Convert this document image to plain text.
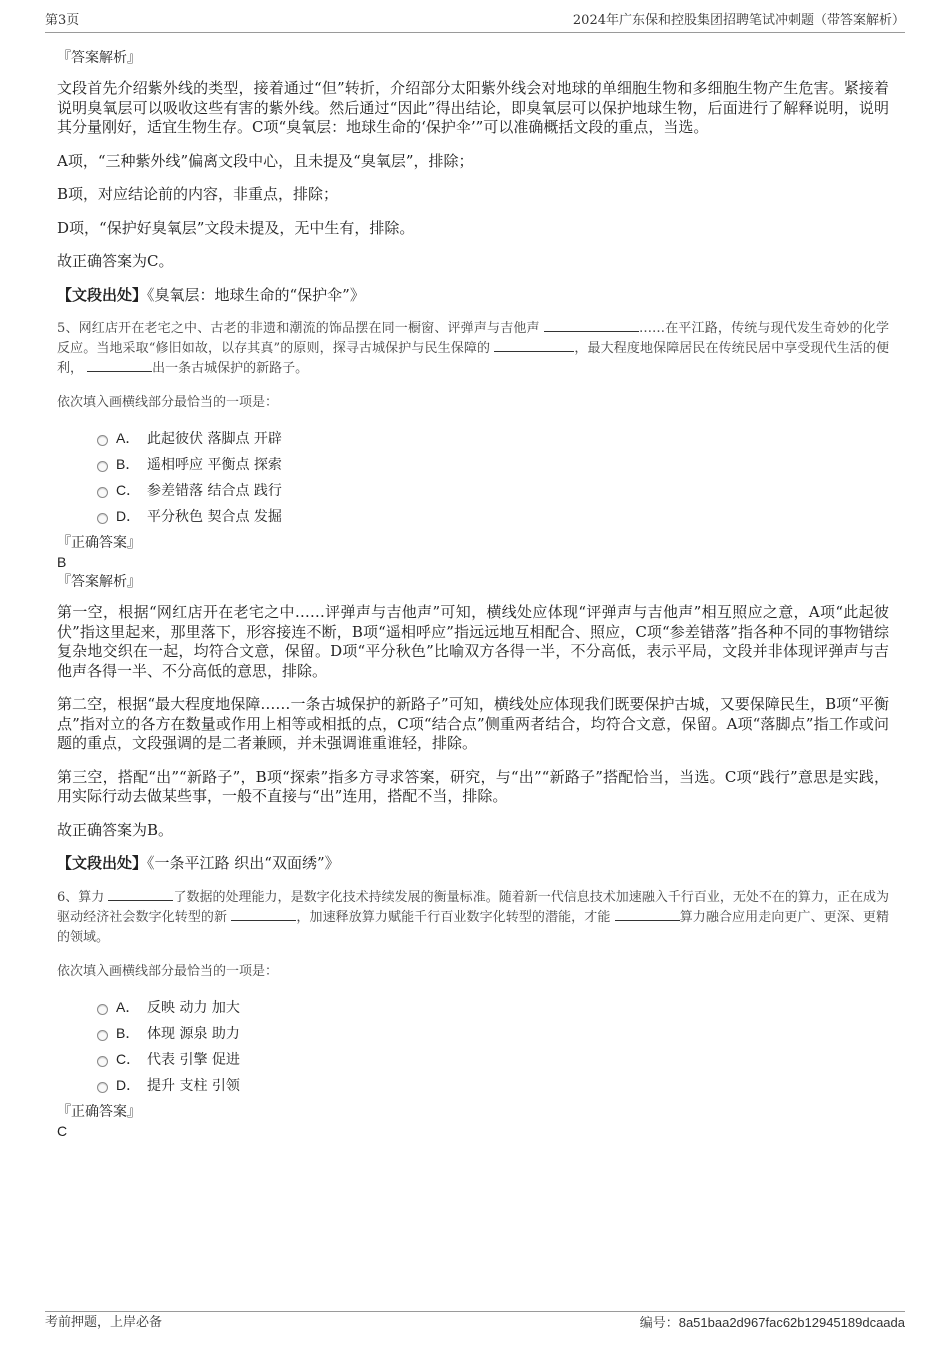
第3页	2024年广东保和控股集团招聘笔试冲刺题（带答案解析）

『答案解析』

文段首先介绍紫外线的类型，接着通过“但”转折，介绍部分太阳紫外线会对地球的单细胞生物和多细胞生物产生危害。紧接着说明臭氧层可以吸收这些有害的紫外线。然后通过“因此”得出结论，即臭氧层可以保护地球生物，后面进行了解释说明，说明其分量刚好，适宜生物生存。C项“臭氧层：地球生命的‘保护伞’”可以准确概括文段的重点，当选。

A项，“三种紫外线”偏离文段中心，且未提及“臭氧层”，排除；

B项，对应结论前的内容，非重点，排除；

D项，“保护好臭氧层”文段未提及，无中生有，排除。

故正确答案为C。

【文段出处】《臭氧层：地球生命的“保护伞”》

5、网红店开在老宅之中、古老的非遗和潮流的饰品摆在同一橱窗、评弹声与吉他声	……在平江路，传统与现代发生奇妙的化学反应。当地采取“修旧如故，以存其真”的原则，探寻古城保护与民生保障的	，最大程度地保障居民在传统民居中享受现代生活的便利，	出一条古城保护的新路子。

依次填入画横线部分最恰当的一项是：

A． 此起彼伏 落脚点 开辟
B． 遥相呼应 平衡点 探索
C． 参差错落 结合点 践行
D． 平分秋色 契合点 发掘

『正确答案』

B

『答案解析』

第一空，根据“网红店开在老宅之中……评弹声与吉他声”可知，横线处应体现“评弹声与吉他声”相互照应之意，A项“此起彼伏”指这里起来，那里落下，形容接连不断，B项“遥相呼应”指远远地互相配合、照应，C项“参差错落”指各种不同的事物错综复杂地交织在一起，均符合文意，保留。D项“平分秋色”比喻双方各得一半，不分高低，表示平局，文段并非体现评弹声与吉他声各得一半、不分高低的意思，排除。

第二空，根据“最大程度地保障……一条古城保护的新路子”可知，横线处应体现我们既要保护古城，又要保障民生，B项“平衡点”指对立的各方在数量或作用上相等或相抵的点，C项“结合点”侧重两者结合，均符合文意，保留。A项“落脚点”指工作或问题的重点，文段强调的是二者兼顾，并未强调谁重谁轻，排除。

第三空，搭配“出”“新路子”，B项“探索”指多方寻求答案，研究，与“出”“新路子”搭配恰当，当选。C项“践行”意思是实践，用实际行动去做某些事，一般不直接与“出”连用，搭配不当，排除。

故正确答案为B。

【文段出处】《一条平江路 织出“双面绣”》

6、算力	了数据的处理能力，是数字化技术持续发展的衡量标准。随着新一代信息技术加速融入千行百业，无处不在的算力，正在成为驱动经济社会数字化转型的新	，加速释放算力赋能千行百业数字化转型的潜能，才能	算力融合应用走向更广、更深、更精的领域。

依次填入画横线部分最恰当的一项是：

A． 反映 动力 加大
B． 体现 源泉 助力
C． 代表 引擎 促进
D． 提升 支柱 引领

『正确答案』

C

考前押题，上岸必备	编号：8a51baa2d967fac62b12945189dcaada
